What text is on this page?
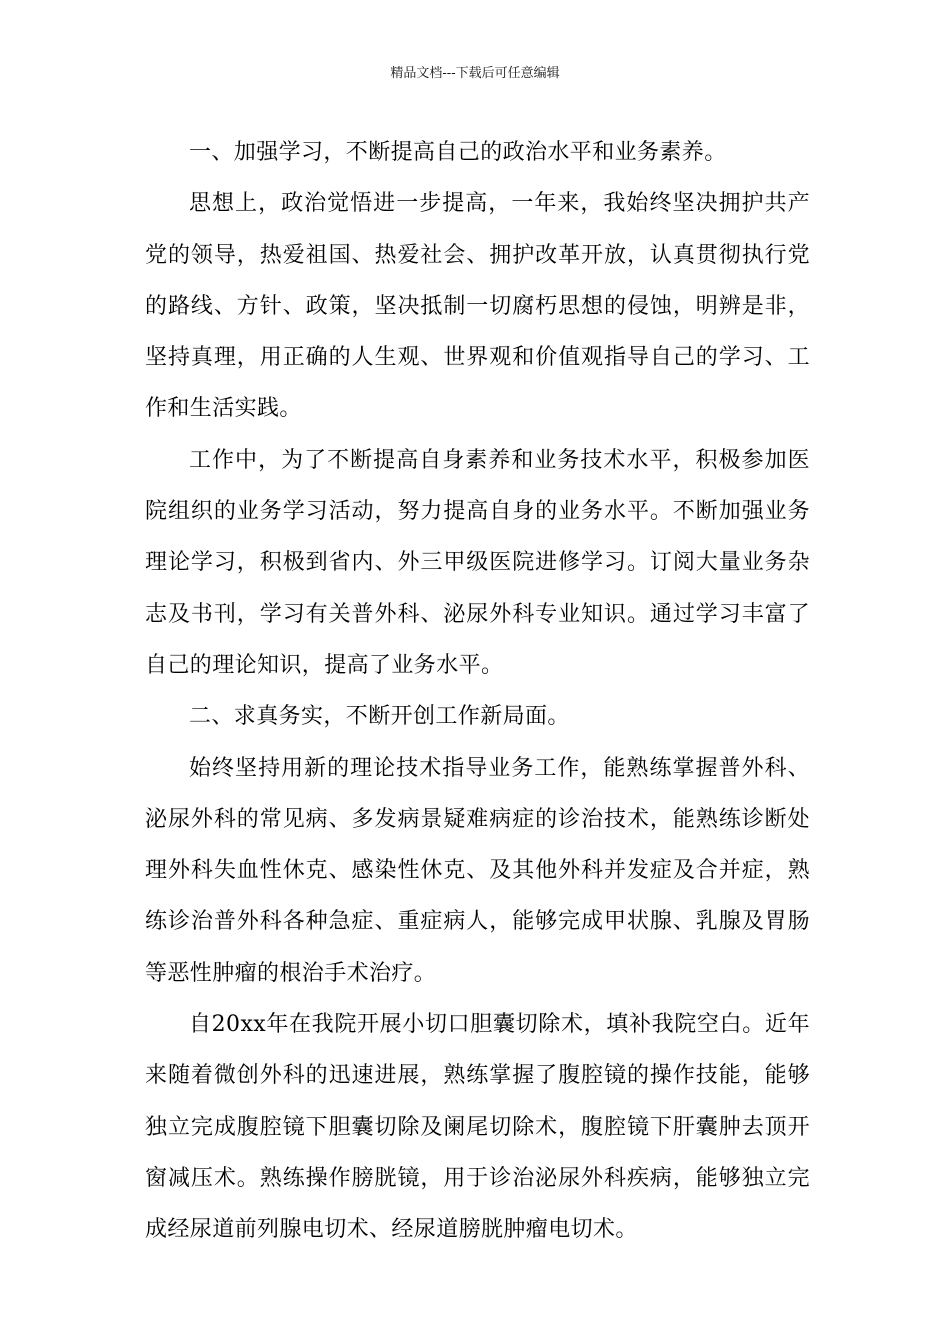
精品文档---下载后可任意编辑

一、加强学习，不断提高自己的政治水平和业务素养。

思想上，政治觉悟进一步提高，一年来，我始终坚决拥护共产党的领导，热爱祖国、热爱社会、拥护改革开放，认真贯彻执行党的路线、方针、政策，坚决抵制一切腐朽思想的侵蚀，明辨是非，坚持真理，用正确的人生观、世界观和价值观指导自己的学习、工作和生活实践。

工作中，为了不断提高自身素养和业务技术水平，积极参加医院组织的业务学习活动，努力提高自身的业务水平。不断加强业务理论学习，积极到省内、外三甲级医院进修学习。订阅大量业务杂志及书刊，学习有关普外科、泌尿外科专业知识。通过学习丰富了自己的理论知识，提高了业务水平。

二、求真务实，不断开创工作新局面。

始终坚持用新的理论技术指导业务工作，能熟练掌握普外科、泌尿外科的常见病、多发病景疑难病症的诊治技术，能熟练诊断处理外科失血性休克、感染性休克、及其他外科并发症及合并症，熟练诊治普外科各种急症、重症病人，能够完成甲状腺、乳腺及胃肠等恶性肿瘤的根治手术治疗。

自20xx年在我院开展小切口胆囊切除术，填补我院空白。近年来随着微创外科的迅速进展，熟练掌握了腹腔镜的操作技能，能够独立完成腹腔镜下胆囊切除及阑尾切除术，腹腔镜下肝囊肿去顶开窗减压术。熟练操作膀胱镜，用于诊治泌尿外科疾病，能够独立完成经尿道前列腺电切术、经尿道膀胱肿瘤电切术。
